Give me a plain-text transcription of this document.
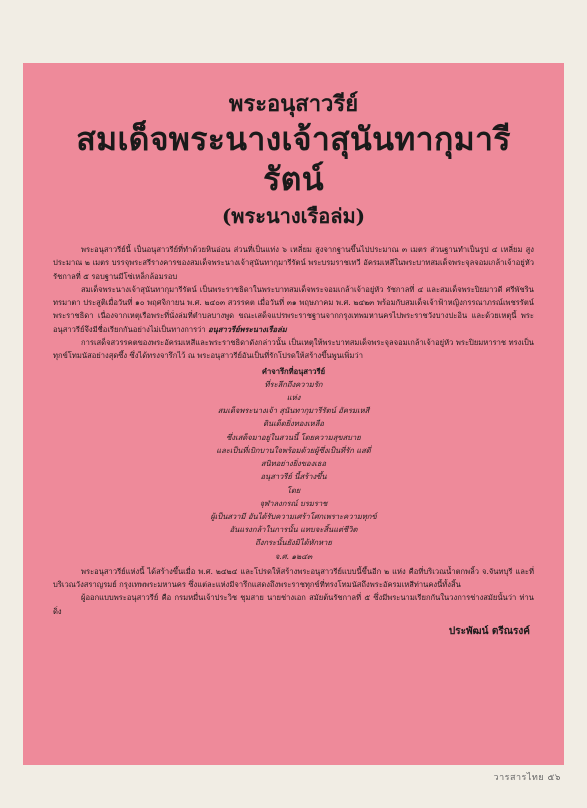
พระอนุสาวรีย์
สมเด็จพระนางเจ้าสุนันทากุมารีรัตน์
(พระนางเรือล่ม)

พระอนุสาวรีย์นี้ เป็นอนุสาวรีย์ที่ทำด้วยหินอ่อน ส่วนที่เป็นแท่ง ๖ เหลี่ยม สูงจากฐานขึ้นไปประมาณ ๓ เมตร ส่วนฐานทำเป็นรูป ๔ เหลี่ยม สูงประมาณ ๒ เมตร บรรจุพระสรีรางคารของสมเด็จพระนางเจ้าสุนันทากุมารีรัตน์ พระบรมราชเทวี อัครมเหสีในพระบาทสมเด็จพระจุลจอมเกล้าเจ้าอยู่หัว รัชกาลที่ ๕ รอบฐานมีโซ่เหล็กล้อมรอบ

สมเด็จพระนางเจ้าสุนันทากุมารีรัตน์ เป็นพระราชธิดาในพระบาทสมเด็จพระจอมเกล้าเจ้าอยู่หัว รัชกาลที่ ๔ และสมเด็จพระปิยมาวดี ศรีพัชรินทรมาตา ประสูติเมื่อวันที่ ๑๐ พฤศจิกายน พ.ศ. ๒๔๐๓ สวรรคต เมื่อวันที่ ๓๑ พฤษภาคม พ.ศ. ๒๔๒๓ พร้อมกับสมเด็จเจ้าฟ้าหญิงกรรณาภรณ์เพชรรัตน์ พระราชธิดา เนื่องจากเหตุเรือพระที่นั่งล่มที่ตำบลบางพูด ขณะเสด็จแปรพระราชฐานจากกรุงเทพมหานครไปพระราชวังบางปะอิน และด้วยเหตุนี้ พระอนุสาวรีย์จึงมีชื่อเรียกกันอย่างไม่เป็นทางการว่า อนุสาวรีย์พระนางเรือล่ม

การเสด็จสวรรคตของพระอัครมเหสีและพระราชธิดาดังกล่าวนั้น เป็นเหตุให้พระบาทสมเด็จพระจุลจอมเกล้าเจ้าอยู่หัว พระปิยมหาราช ทรงเป็นทุกข์โทมนัสอย่างสุดซึ้ง ซึ่งได้ทรงจารึกไว้ ณ พระอนุสาวรีย์อันเป็นที่รักโปรดให้สร้างขึ้นพูนเพิ่มว่า

คำจารึกที่อนุสาวรีย์
ที่ระลึกถึงความรัก
แห่ง
สมเด็จพระนางเจ้า สุนันทากุมารีรัตน์ อัครมเหสี
ดินเด็ดยิ่งทองเหลือ
ซึ่งเสด็จมาอยู่ในสวนนี้ โดยความสุขสบาย
และเป็นที่เบิกบานใจพร้อมด้วยผู้ซึ่งเป็นที่รัก แสดี่
สนิทอย่างยิ่งของเธอ
อนุสาวรีย์ นี้สร้างขึ้น
โดย
จุฬาลงกรณ์ บรมราช
ผู้เป็นสวามี อันได้รับความเศร้าโศกเพราะความทุกข์
อันแรงกล้าในการนั้น แทบจะสิ้นแต่ชีวิต
ถึงกระนั้นยังมิได้หักหาย
จ.ศ. ๑๒๔๓

พระอนุสาวรีย์แห่งนี้ ได้สร้างขึ้นเมื่อ พ.ศ. ๒๔๒๔ และโปรดให้สร้างพระอนุสาวรีย์แบบนี้ขึ้นอีก ๒ แห่ง คือที่บริเวณน้ำตกพลิ้ว จ.จันทบุรี และที่บริเวณวังสราญรมย์ กรุงเทพพระมหานคร ซึ่งแต่ละแห่งมีจารึกแสดงถึงพระราชทุกข์ที่ทรงโทมนัสถึงพระอัครมเหสีท่านคงนี้ทั้งสิ้น

ผู้ออกแบบพระอนุสาวรีย์ คือ กรมหมื่นเจ้าประวิช ชุมสาย นายช่างเอก สมัยต้นรัชกาลที่ ๕ ซึ่งมีพระนามเรียกกันในวงการช่างสมัยนั้นว่า ท่านดิ่ง

ประพัฒน์ ตรีณรงค์
วารสารไทย ๕๖
